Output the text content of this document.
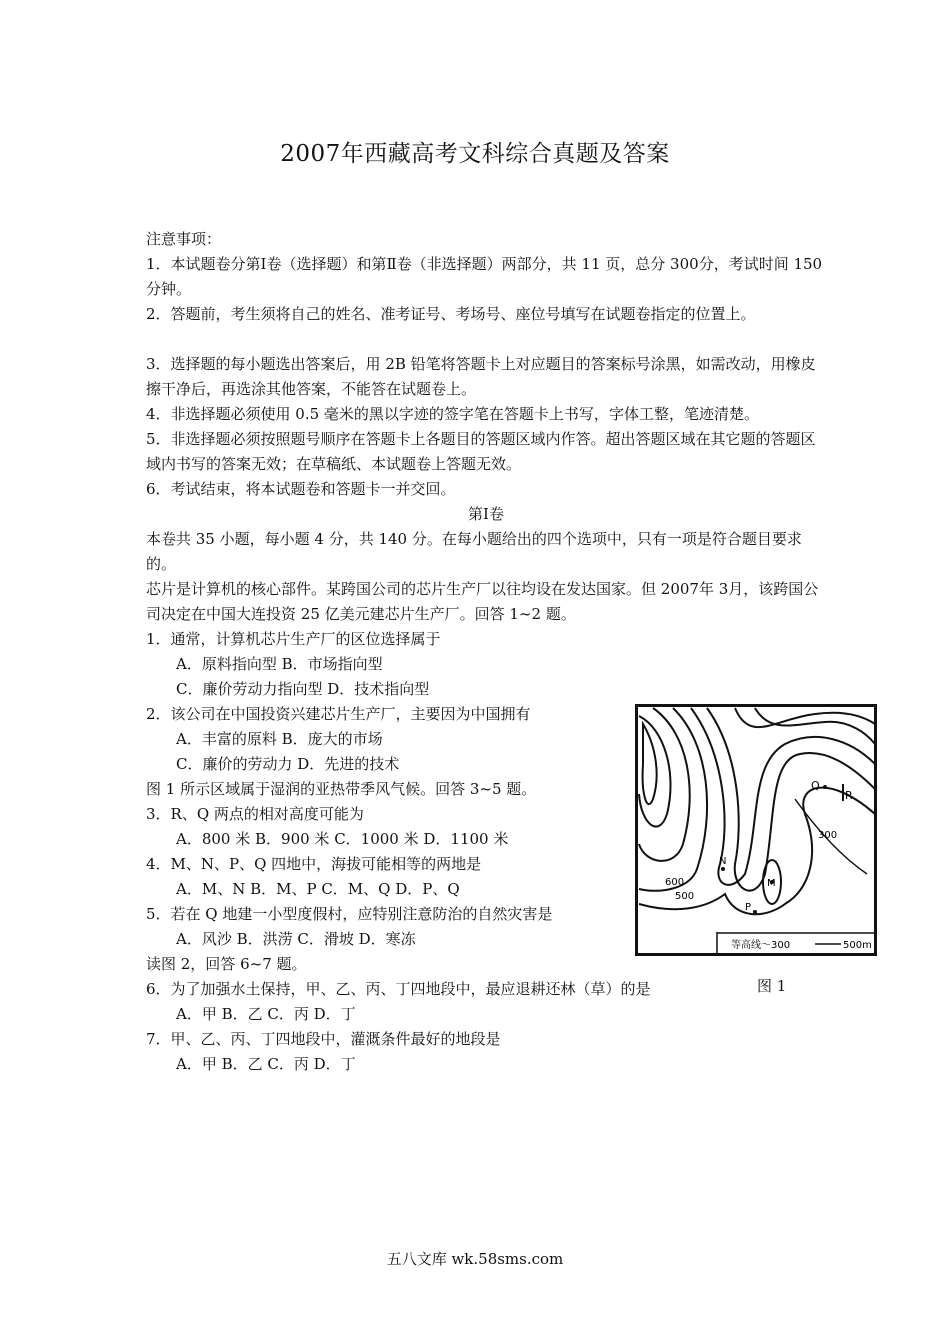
2007年西藏高考文科综合真题及答案
注意事项：
1．本试题卷分第Ⅰ卷（选择题）和第Ⅱ卷（非选择题）两部分，共 11 页，总分 300分，考试时间 150 分钟。
2．答题前，考生须将自己的姓名、准考证号、考场号、座位号填写在试题卷指定的位置上。
3．选择题的每小题选出答案后，用 2B 铅笔将答题卡上对应题目的答案标号涂黑，如需改动，用橡皮擦干净后，再选涂其他答案，不能答在试题卷上。
4．非选择题必须使用 0.5 毫米的黑以字迹的签字笔在答题卡上书写，字体工整，笔迹清楚。
5．非选择题必须按照题号顺序在答题卡上各题目的答题区域内作答。超出答题区域在其它题的答题区域内书写的答案无效；在草稿纸、本试题卷上答题无效。
6．考试结束，将本试题卷和答题卡一并交回。
第Ⅰ卷
本卷共 35 小题，每小题 4 分，共 140 分。在每小题给出的四个选项中，只有一项是符合题目要求的。
芯片是计算机的核心部件。某跨国公司的芯片生产厂以往均设在发达国家。但 2007年 3月，该跨国公司决定在中国大连投资 25 亿美元建芯片生产厂。回答 1~2 题。
1．通常，计算机芯片生产厂的区位选择属于
A．原料指向型 B．市场指向型
C．廉价劳动力指向型 D．技术指向型
2．该公司在中国投资兴建芯片生产厂，主要因为中国拥有
A．丰富的原料 B．庞大的市场
C．廉价的劳动力 D．先进的技术
图 1 所示区域属于湿润的亚热带季风气候。回答 3~5 题。
3．R、Q 两点的相对高度可能为
A．800 米 B．900 米 C．1000 米 D．1100 米
4．M、N、P、Q 四地中，海拔可能相等的两地是
A．M、N B．M、P C．M、Q D．P、Q
5．若在 Q 地建一小型度假村，应特别注意防治的自然灾害是
A．风沙 B．洪涝 C．滑坡 D．寒冻
读图 2，回答 6~7 题。
6．为了加强水土保持，甲、乙、丙、丁四地段中，最应退耕还林（草）的是
A．甲 B．乙 C．丙 D．丁
7．甲、乙、丙、丁四地段中，灌溉条件最好的地段是
A．甲 B．乙 C．丙 D．丁
Q
R
N
M
P
300
600
500
等高线～300	500m
图 1
五八文库 wk.58sms.com
